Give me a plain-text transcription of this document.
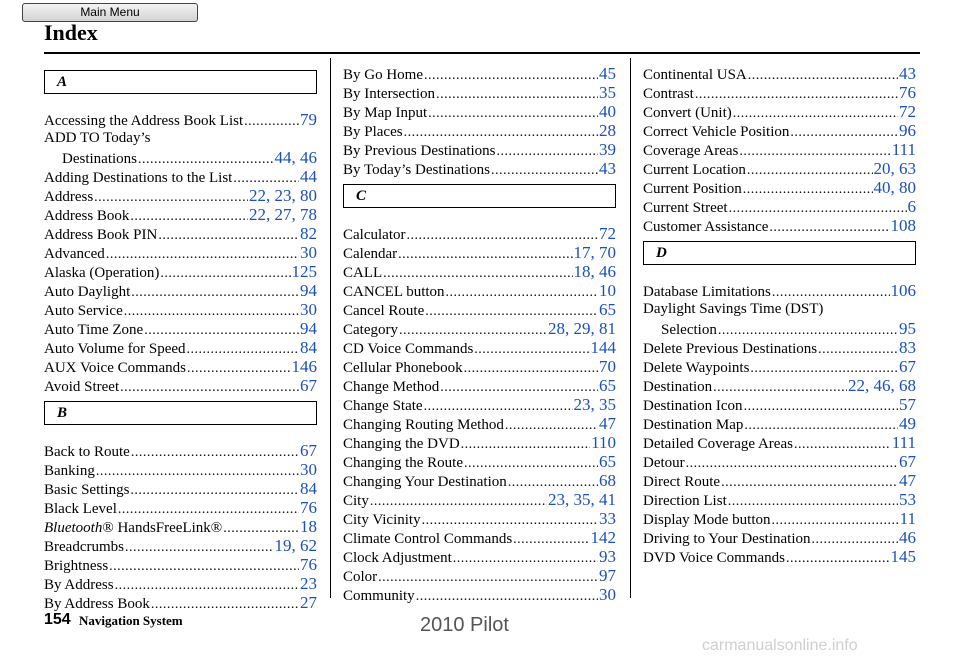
Main Menu
Index
A
Accessing the Address Book List .....	79
ADD TO Today’s
Destinations .....	44, 46
Adding Destinations to the List .....	44
Address .....	22, 23, 80
Address Book .....	22, 27, 78
Address Book PIN .....	82
Advanced .....	30
Alaska (Operation) .....	125
Auto Daylight .....	94
Auto Service .....	30
Auto Time Zone .....	94
Auto Volume for Speed .....	84
AUX Voice Commands .....	146
Avoid Street .....	67
B
Back to Route .....	67
Banking .....	30
Basic Settings .....	84
Black Level .....	76
Bluetooth® HandsFreeLink® .....	18
Breadcrumbs .....	19, 62
Brightness .....	76
By Address .....	23
By Address Book .....	27
By Go Home .....	45
By Intersection .....	35
By Map Input .....	40
By Places .....	28
By Previous Destinations .....	39
By Today’s Destinations .....	43
C
Calculator .....	72
Calendar .....	17, 70
CALL .....	18, 46
CANCEL button .....	10
Cancel Route .....	65
Category .....	28, 29, 81
CD Voice Commands .....	144
Cellular Phonebook .....	70
Change Method .....	65
Change State .....	23, 35
Changing Routing Method .....	47
Changing the DVD .....	110
Changing the Route .....	65
Changing Your Destination .....	68
City .....	23, 35, 41
City Vicinity .....	33
Climate Control Commands .....	142
Clock Adjustment .....	93
Color .....	97
Community .....	30
Continental USA .....	43
Contrast .....	76
Convert (Unit) .....	72
Correct Vehicle Position .....	96
Coverage Areas .....	111
Current Location .....	20, 63
Current Position .....	40, 80
Current Street .....	6
Customer Assistance .....	108
D
Database Limitations .....	106
Daylight Savings Time (DST)
Selection .....	95
Delete Previous Destinations .....	83
Delete Waypoints .....	67
Destination .....	22, 46, 68
Destination Icon .....	57
Destination Map .....	49
Detailed Coverage Areas .....	111
Detour .....	67
Direct Route .....	47
Direction List .....	53
Display Mode button .....	11
Driving to Your Destination .....	46
DVD Voice Commands .....	145
154 Navigation System	2010 Pilot
carmanualsonline.info
